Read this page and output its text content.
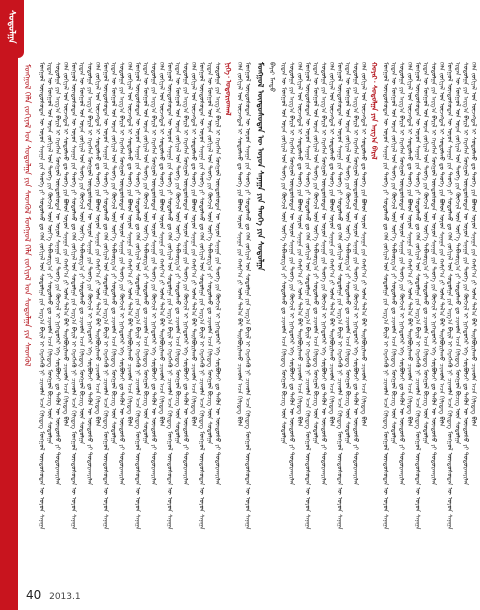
ᠰᠤᠳᠤᠯᠭᠠ
ᠮᠣᠩᠭᠣᠯ ᠬᠡᠯᠡ ᠵᠣᠬᠢᠶᠠᠯ ᠤᠨ ᠰᠤᠳᠤᠯᠭᠠ ᠶᠢᠨ ᠰᠡᠳᠬᠦᠯ ᠮᠣᠩᠭᠣᠯ ᠬᠡᠯᠡ ᠵᠣᠬᠢᠶᠠᠯ ᠤᠨ ᠰᠤᠳᠤᠯᠭᠠ ᠶᠢᠨ ᠰᠡᠳᠬᠦᠯ ᠮᠣᠩᠭᠣᠯ ᠦᠨᠳᠦᠰᠦᠲᠡᠨ ᠦ ᠣᠶᠤᠨ ᠰᠠᠨᠠᠭᠠ ᠶᠢᠨ ᠲᠡᠦᠬᠡ ᠶᠢ ᠰᠤᠳᠤᠯᠬᠤ ᠳᠤ ᠬᠡᠯᠡ ᠵᠣᠬᠢᠶᠠᠯ ᠤᠨ ᠰᠤᠳᠤᠯᠭᠠ ᠶᠢᠨ ᠠᠷᠭ᠎ᠠ ᠪᠠᠷᠢᠯ ᠢ ᠬᠡᠷᠡᠭᠯᠡᠬᠦ ᠨᠢ ᠴᠢᠬᠤᠯᠠ ᠠᠴᠠ ᠬᠢᠯᠢᠳᠡᠭ ᠮᠣᠩᠭᠣᠯ ᠦᠨᠳᠦᠰᠦᠲᠡᠨ ᠦ ᠣᠶᠤᠨ ᠰᠠᠨᠠᠭᠠ ᠡᠷᠲᠡᠨ ᠦ ᠮᠣᠩᠭᠣᠯ ᠤᠨ ᠤᠷᠠᠨ ᠵᠣᠬᠢᠶᠠᠯ ᠤᠨ ᠲᠡᠦᠬᠡ ᠶᠢᠨ ᠬᠥᠭᠵᠢᠯ ᠦᠨ ᠦᠶ᠎ᠡ ᠳᠠᠪᠬᠤᠷᠭ᠎ᠠ ᠶᠢ ᠰᠤᠳᠤᠯᠬᠤ ᠳᠤ ᠴᠢᠬᠤᠯᠠ ᠠᠴᠠ ᠬᠢᠯᠢᠳᠡᠭ ᠮᠣᠩᠭᠣᠯ ᠪᠢᠴᠢᠭ ᠦᠨ ᠰᠤᠳᠤᠯᠭᠠ ᠰᠤᠳᠤᠯᠭᠠ ᠶᠢᠨ ᠠᠷᠭ᠎ᠠ ᠪᠠᠷᠢᠯ ᠢ ᠬᠡᠷᠡᠭᠯᠡᠨ ᠮᠣᠩᠭᠣᠯ ᠦᠨᠳᠦᠰᠦᠲᠡᠨ ᠦ ᠣᠶᠤᠨ ᠰᠠᠨᠠᠭᠠ ᠶᠢᠨ ᠲᠡᠦᠬᠡ ᠶᠢᠨ ᠬᠥᠭᠵᠢᠯ ᠢ ᠨᠢᠭᠡᠳᠦᠭᠡᠷ ᠡᠬᠡ ᠰᠤᠷᠪᠤᠯᠵᠢ ᠳᠤ ᠲᠡᠭᠦᠨ ᠦ ᠦᠨᠳᠦᠰᠦ ᠶᠢ ᠲᠣᠳᠤᠷᠬᠠᠶᠢᠯᠠᠨ ᠬᠡᠯᠡ ᠵᠣᠬᠢᠶᠠᠯ ᠤᠨ ᠦᠵᠡᠭᠳᠡᠯ ᠢ ᠰᠤᠳᠤᠯᠬᠤ ᠳᠤ ᠲᠡᠦᠬᠡ ᠶᠢᠨ ᠪᠣᠯᠤᠨ ᠣᠶᠤᠨ ᠰᠠᠨᠠᠭᠠ ᠶᠢᠨ ᠬᠠᠮᠢᠶ᠎ᠠ ᠶᠢ ᠣᠯᠠᠨ ᠲᠠᠯ᠎ᠠ ᠪᠠᠷ ᠲᠠᠢᠯᠪᠤᠷᠢᠯᠠᠬᠤ ᠴᠢᠬᠤᠯᠠ ᠠᠴᠠ ᠬᠢᠯᠢᠳᠡᠭ ᠪᠢᠯᠡ ᠮᠣᠩᠭᠣᠯ ᠦᠨᠳᠦᠰᠦᠲᠡᠨ ᠦ ᠣᠶᠤᠨ ᠰᠠᠨᠠᠭᠠ ᠶᠢᠨ ᠲᠡᠦᠬᠡ ᠶᠢ ᠰᠤᠳᠤᠯᠬᠤ ᠳᠤ ᠬᠡᠯᠡ ᠵᠣᠬᠢᠶᠠᠯ ᠤᠨ ᠰᠤᠳᠤᠯᠭᠠ ᠶᠢᠨ ᠠᠷᠭ᠎ᠠ ᠪᠠᠷᠢᠯ ᠢ ᠬᠡᠷᠡᠭᠯᠡᠬᠦ ᠨᠢ ᠴᠢᠬᠤᠯᠠ ᠠᠴᠠ ᠬᠢᠯᠢᠳᠡᠭ ᠮᠣᠩᠭᠣᠯ ᠦᠨᠳᠦᠰᠦᠲᠡᠨ ᠦ ᠣᠶᠤᠨ ᠰᠠᠨᠠᠭᠠ ᠡᠷᠲᠡᠨ ᠦ ᠮᠣᠩᠭᠣᠯ ᠤᠨ ᠤᠷᠠᠨ ᠵᠣᠬᠢᠶᠠᠯ ᠤᠨ ᠲᠡᠦᠬᠡ ᠶᠢᠨ ᠬᠥᠭᠵᠢᠯ ᠦᠨ ᠦᠶ᠎ᠡ ᠳᠠᠪᠬᠤᠷᠭ᠎ᠠ ᠶᠢ ᠰᠤᠳᠤᠯᠬᠤ ᠳᠤ ᠴᠢᠬᠤᠯᠠ ᠠᠴᠠ ᠬᠢᠯᠢᠳᠡᠭ ᠮᠣᠩᠭᠣᠯ ᠪᠢᠴᠢᠭ ᠦᠨ ᠰᠤᠳᠤᠯᠭᠠ ᠰᠤᠳᠤᠯᠭᠠ ᠶᠢᠨ ᠠᠷᠭ᠎ᠠ ᠪᠠᠷᠢᠯ ᠢ ᠬᠡᠷᠡᠭᠯᠡᠨ ᠮᠣᠩᠭᠣᠯ ᠦᠨᠳᠦᠰᠦᠲᠡᠨ ᠦ ᠣᠶᠤᠨ ᠰᠠᠨᠠᠭᠠ ᠶᠢᠨ ᠲᠡᠦᠬᠡ ᠶᠢᠨ ᠬᠥᠭᠵᠢᠯ ᠢ ᠨᠢᠭᠡᠳᠦᠭᠡᠷ ᠡᠬᠡ ᠰᠤᠷᠪᠤᠯᠵᠢ ᠳᠤ ᠲᠡᠭᠦᠨ ᠦ ᠦᠨᠳᠦᠰᠦ ᠶᠢ ᠲᠣᠳᠤᠷᠬᠠᠶᠢᠯᠠᠨ ᠬᠡᠯᠡ ᠵᠣᠬᠢᠶᠠᠯ ᠤᠨ ᠦᠵᠡᠭᠳᠡᠯ ᠢ ᠰᠤᠳᠤᠯᠬᠤ ᠳᠤ ᠲᠡᠦᠬᠡ ᠶᠢᠨ ᠪᠣᠯᠤᠨ ᠣᠶᠤᠨ ᠰᠠᠨᠠᠭᠠ ᠶᠢᠨ ᠬᠠᠮᠢᠶ᠎ᠠ ᠶᠢ ᠣᠯᠠᠨ ᠲᠠᠯ᠎ᠠ ᠪᠠᠷ ᠲᠠᠢᠯᠪᠤᠷᠢᠯᠠᠬᠤ ᠴᠢᠬᠤᠯᠠ ᠠᠴᠠ ᠬᠢᠯᠢᠳᠡᠭ ᠪᠢᠯᠡ ᠮᠣᠩᠭᠣᠯ ᠦᠨᠳᠦᠰᠦᠲᠡᠨ ᠦ ᠣᠶᠤᠨ ᠰᠠᠨᠠᠭᠠ ᠶᠢᠨ ᠲᠡᠦᠬᠡ ᠶᠢ ᠰᠤᠳᠤᠯᠬᠤ ᠳᠤ ᠬᠡᠯᠡ ᠵᠣᠬᠢᠶᠠᠯ ᠤᠨ ᠰᠤᠳᠤᠯᠭᠠ ᠶᠢᠨ ᠠᠷᠭ᠎ᠠ ᠪᠠᠷᠢᠯ ᠢ ᠬᠡᠷᠡᠭᠯᠡᠬᠦ ᠨᠢ ᠴᠢᠬᠤᠯᠠ ᠠᠴᠠ ᠬᠢᠯᠢᠳᠡᠭ ᠮᠣᠩᠭᠣᠯ ᠦᠨᠳᠦᠰᠦᠲᠡᠨ ᠦ ᠣᠶᠤᠨ ᠰᠠᠨᠠᠭᠠ ᠡᠷᠲᠡᠨ ᠦ ᠮᠣᠩᠭᠣᠯ ᠤᠨ ᠤᠷᠠᠨ ᠵᠣᠬᠢᠶᠠᠯ ᠤᠨ ᠲᠡᠦᠬᠡ ᠶᠢᠨ ᠬᠥᠭᠵᠢᠯ ᠦᠨ ᠦᠶ᠎ᠡ ᠳᠠᠪᠬᠤᠷᠭ᠎ᠠ ᠶᠢ ᠰᠤᠳᠤᠯᠬᠤ ᠳᠤ ᠴᠢᠬᠤᠯᠠ ᠠᠴᠠ ᠬᠢᠯᠢᠳᠡᠭ ᠮᠣᠩᠭᠣᠯ ᠪᠢᠴᠢᠭ ᠦᠨ ᠰᠤᠳᠤᠯᠭᠠ ᠰᠤᠳᠤᠯᠭᠠ ᠶᠢᠨ ᠠᠷᠭ᠎ᠠ ᠪᠠᠷᠢᠯ ᠢ ᠬᠡᠷᠡᠭᠯᠡᠨ ᠮᠣᠩᠭᠣᠯ ᠦᠨᠳᠦᠰᠦᠲᠡᠨ ᠦ ᠣᠶᠤᠨ ᠰᠠᠨᠠᠭᠠ ᠶᠢᠨ ᠲᠡᠦᠬᠡ ᠶᠢᠨ ᠬᠥᠭᠵᠢᠯ ᠢ ᠨᠢᠭᠡᠳᠦᠭᠡᠷ ᠡᠬᠡ ᠰᠤᠷᠪᠤᠯᠵᠢ ᠳᠤ ᠲᠡᠭᠦᠨ ᠦ ᠦᠨᠳᠦᠰᠦ ᠶᠢ ᠲᠣᠳᠤᠷᠬᠠᠶᠢᠯᠠᠨ ᠬᠡᠯᠡ ᠵᠣᠬᠢᠶᠠᠯ ᠤᠨ ᠦᠵᠡᠭᠳᠡᠯ ᠢ ᠰᠤᠳᠤᠯᠬᠤ ᠳᠤ ᠲᠡᠦᠬᠡ ᠶᠢᠨ ᠪᠣᠯᠤᠨ ᠣᠶᠤᠨ ᠰᠠᠨᠠᠭᠠ ᠶᠢᠨ ᠬᠠᠮᠢᠶ᠎ᠠ ᠶᠢ ᠣᠯᠠᠨ ᠲᠠᠯ᠎ᠠ ᠪᠠᠷ ᠲᠠᠢᠯᠪᠤᠷᠢᠯᠠᠬᠤ ᠴᠢᠬᠤᠯᠠ ᠠᠴᠠ ᠬᠢᠯᠢᠳᠡᠭ ᠪᠢᠯᠡ ᠮᠣᠩᠭᠣᠯ ᠦᠨᠳᠦᠰᠦᠲᠡᠨ ᠦ ᠣᠶᠤᠨ ᠰᠠᠨᠠᠭᠠ ᠶᠢᠨ ᠲᠡᠦᠬᠡ ᠶᠢ ᠰᠤᠳᠤᠯᠬᠤ ᠳᠤ ᠬᠡᠯᠡ ᠵᠣᠬᠢᠶᠠᠯ ᠤᠨ ᠰᠤᠳᠤᠯᠭᠠ ᠶᠢᠨ ᠠᠷᠭ᠎ᠠ ᠪᠠᠷᠢᠯ ᠢ ᠬᠡᠷᠡᠭᠯᠡᠬᠦ ᠨᠢ ᠴᠢᠬᠤᠯᠠ ᠠᠴᠠ ᠬᠢᠯᠢᠳᠡᠭ ᠮᠣᠩᠭᠣᠯ ᠦᠨᠳᠦᠰᠦᠲᠡᠨ ᠦ ᠣᠶᠤᠨ ᠰᠠᠨᠠᠭᠠ ᠡᠷᠲᠡᠨ ᠦ ᠮᠣᠩᠭᠣᠯ ᠤᠨ ᠤᠷᠠᠨ ᠵᠣᠬᠢᠶᠠᠯ ᠤᠨ ᠲᠡᠦᠬᠡ ᠶᠢᠨ ᠬᠥᠭᠵᠢᠯ ᠦᠨ ᠦᠶ᠎ᠡ ᠳᠠᠪᠬᠤᠷᠭ᠎ᠠ ᠶᠢ ᠰᠤᠳᠤᠯᠬᠤ ᠳᠤ ᠴᠢᠬᠤᠯᠠ ᠠᠴᠠ ᠬᠢᠯᠢᠳᠡᠭ ᠮᠣᠩᠭᠣᠯ ᠪᠢᠴᠢᠭ ᠦᠨ ᠰᠤᠳᠤᠯᠭᠠ ᠰᠤᠳᠤᠯᠭᠠ ᠶᠢᠨ ᠠᠷᠭ᠎ᠠ ᠪᠠᠷᠢᠯ ᠢ ᠬᠡᠷᠡᠭᠯᠡᠨ ᠮᠣᠩᠭᠣᠯ ᠦᠨᠳᠦᠰᠦᠲᠡᠨ ᠦ ᠣᠶᠤᠨ ᠰᠠᠨᠠᠭᠠ ᠶᠢᠨ ᠲᠡᠦᠬᠡ ᠶᠢᠨ ᠬᠥᠭᠵᠢᠯ ᠢ ᠨᠢᠭᠡᠳᠦᠭᠡᠷ ᠡᠬᠡ ᠰᠤᠷᠪᠤᠯᠵᠢ ᠳᠤ ᠲᠡᠭᠦᠨ ᠦ ᠦᠨᠳᠦᠰᠦ ᠶᠢ ᠲᠣᠳᠤᠷᠬᠠᠶᠢᠯᠠᠨ ᠬᠡᠯᠡ ᠵᠣᠬᠢᠶᠠᠯ ᠤᠨ ᠦᠵᠡᠭᠳᠡᠯ ᠢ ᠰᠤᠳᠤᠯᠬᠤ ᠳᠤ ᠲᠡᠦᠬᠡ ᠶᠢᠨ ᠪᠣᠯᠤᠨ ᠣᠶᠤᠨ ᠰᠠᠨᠠᠭᠠ ᠶᠢᠨ ᠬᠠᠮᠢᠶ᠎ᠠ ᠶᠢ ᠣᠯᠠᠨ ᠲᠠᠯ᠎ᠠ ᠪᠠᠷ ᠲᠠᠢᠯᠪᠤᠷᠢᠯᠠᠬᠤ ᠴᠢᠬᠤᠯᠠ ᠠᠴᠠ ᠬᠢᠯᠢᠳᠡᠭ ᠪᠢᠯᠡ ᠮᠣᠩᠭᠣᠯ ᠦᠨᠳᠦᠰᠦᠲᠡᠨ ᠦ ᠣᠶᠤᠨ ᠰᠠᠨᠠᠭᠠ ᠶᠢᠨ ᠲᠡᠦᠬᠡ ᠶᠢ ᠰᠤᠳᠤᠯᠬᠤ ᠳᠤ ᠬᠡᠯᠡ ᠵᠣᠬᠢᠶᠠᠯ ᠤᠨ ᠰᠤᠳᠤᠯᠭᠠ ᠶᠢᠨ ᠠᠷᠭ᠎ᠠ ᠪᠠᠷᠢᠯ ᠢ ᠬᠡᠷᠡᠭᠯᠡᠬᠦ ᠨᠢ ᠴᠢᠬᠤᠯᠠ ᠠᠴᠠ ᠬᠢᠯᠢᠳᠡᠭ ᠮᠣᠩᠭᠣᠯ ᠦᠨᠳᠦᠰᠦᠲᠡᠨ ᠦ ᠣᠶᠤᠨ ᠰᠠᠨᠠᠭᠠ ᠡᠷᠲᠡᠨ ᠦ ᠮᠣᠩᠭᠣᠯ ᠤᠨ ᠤᠷᠠᠨ ᠵᠣᠬᠢᠶᠠᠯ ᠤᠨ ᠲᠡᠦᠬᠡ ᠶᠢᠨ ᠬᠥᠭᠵᠢᠯ ᠦᠨ ᠦᠶ᠎ᠡ ᠳᠠᠪᠬᠤᠷᠭ᠎ᠠ ᠶᠢ ᠰᠤᠳᠤᠯᠬᠤ ᠳᠤ ᠴᠢᠬᠤᠯᠠ ᠠᠴᠠ ᠬᠢᠯᠢᠳᠡᠭ ᠮᠣᠩᠭᠣᠯ ᠪᠢᠴᠢᠭ ᠦᠨ ᠰᠤᠳᠤᠯᠭᠠ ᠰᠤᠳᠤᠯᠭᠠ ᠶᠢᠨ ᠠᠷᠭ᠎ᠠ ᠪᠠᠷᠢᠯ ᠢ ᠬᠡᠷᠡᠭᠯᠡᠨ ᠮᠣᠩᠭᠣᠯ ᠦᠨᠳᠦᠰᠦᠲᠡᠨ ᠦ ᠣᠶᠤᠨ ᠰᠠᠨᠠᠭᠠ ᠶᠢᠨ ᠲᠡᠦᠬᠡ ᠶᠢᠨ ᠬᠥᠭᠵᠢᠯ ᠢ ᠨᠢᠭᠡᠳᠦᠭᠡᠷ ᠡᠬᠡ ᠰᠤᠷᠪᠤᠯᠵᠢ ᠳᠤ ᠲᠡᠭᠦᠨ ᠦ ᠦᠨᠳᠦᠰᠦ ᠶᠢ ᠲᠣᠳᠤᠷᠬᠠᠶᠢᠯᠠᠨ ᠬᠡᠯᠡ ᠵᠣᠬᠢᠶᠠᠯ ᠤᠨ ᠦᠵᠡᠭᠳᠡᠯ ᠢ ᠰᠤᠳᠤᠯᠬᠤ ᠳᠤ ᠲᠡᠦᠬᠡ ᠶᠢᠨ ᠪᠣᠯᠤᠨ ᠣᠶᠤᠨ ᠰᠠᠨᠠᠭᠠ ᠶᠢᠨ ᠬᠠᠮᠢᠶ᠎ᠠ ᠶᠢ ᠣᠯᠠᠨ ᠲᠠᠯ᠎ᠠ ᠪᠠᠷ ᠲᠠᠢᠯᠪᠤᠷᠢᠯᠠᠬᠤ ᠴᠢᠬᠤᠯᠠ ᠠᠴᠠ ᠬᠢᠯᠢᠳᠡᠭ ᠪᠢᠯᠡ ᠮᠣᠩᠭᠣᠯ ᠦᠨᠳᠦᠰᠦᠲᠡᠨ ᠦ ᠣᠶᠤᠨ ᠰᠠᠨᠠᠭᠠ ᠶᠢᠨ ᠲᠡᠦᠬᠡ ᠶᠢ ᠰᠤᠳᠤᠯᠬᠤ ᠳᠤ ᠬᠡᠯᠡ ᠵᠣᠬᠢᠶᠠᠯ ᠤᠨ ᠰᠤᠳᠤᠯᠭᠠ ᠶᠢᠨ ᠠᠷᠭ᠎ᠠ ᠪᠠᠷᠢᠯ ᠢ ᠬᠡᠷᠡᠭᠯᠡᠬᠦ ᠨᠢ ᠴᠢᠬᠤᠯᠠ ᠠᠴᠠ ᠬᠢᠯᠢᠳᠡᠭ ᠮᠣᠩᠭᠣᠯ ᠦᠨᠳᠦᠰᠦᠲᠡᠨ ᠦ ᠣᠶᠤᠨ ᠰᠠᠨᠠᠭᠠ ᠡᠷᠲᠡᠨ ᠦ ᠮᠣᠩᠭᠣᠯ ᠤᠨ ᠤᠷᠠᠨ ᠵᠣᠬᠢᠶᠠᠯ ᠤᠨ ᠲᠡᠦᠬᠡ ᠶᠢᠨ ᠬᠥᠭᠵᠢᠯ ᠦᠨ ᠦᠶ᠎ᠡ ᠳᠠᠪᠬᠤᠷᠭ᠎ᠠ ᠶᠢ ᠰᠤᠳᠤᠯᠬᠤ ᠳᠤ ᠴᠢᠬᠤᠯᠠ ᠠᠴᠠ ᠬᠢᠯᠢᠳᠡᠭ ᠮᠣᠩᠭᠣᠯ ᠪᠢᠴᠢᠭ ᠦᠨ ᠰᠤᠳᠤᠯᠭᠠ ᠰᠤᠳᠤᠯᠭᠠ ᠶᠢᠨ ᠠᠷᠭ᠎ᠠ ᠪᠠᠷᠢᠯ ᠢ ᠬᠡᠷᠡᠭᠯᠡᠨ ᠮᠣᠩᠭᠣᠯ ᠦᠨᠳᠦᠰᠦᠲᠡᠨ ᠦ ᠣᠶᠤᠨ ᠰᠠᠨᠠᠭᠠ ᠶᠢᠨ ᠲᠡᠦᠬᠡ ᠶᠢᠨ ᠬᠥᠭᠵᠢᠯ ᠢ ᠨᠢᠭᠡᠳᠦᠭᠡᠷ ᠡᠬᠡ ᠰᠤᠷᠪᠤᠯᠵᠢ ᠳᠤ ᠲᠡᠭᠦᠨ ᠦ ᠦᠨᠳᠦᠰᠦ ᠶᠢ ᠲᠣᠳᠤᠷᠬᠠᠶᠢᠯᠠᠨ ᠨᠢᠭᠡ᠂ ᠤᠳᠤᠷᠢᠳᠬᠠᠯ ᠬᠡᠯᠡ ᠵᠣᠬᠢᠶᠠᠯ ᠤᠨ ᠦᠵᠡᠭᠳᠡᠯ ᠢ ᠰᠤᠳᠤᠯᠬᠤ ᠳᠤ ᠲᠡᠦᠬᠡ ᠶᠢᠨ ᠪᠣᠯᠤᠨ ᠣᠶᠤᠨ ᠰᠠᠨᠠᠭᠠ ᠶᠢᠨ ᠬᠠᠮᠢᠶ᠎ᠠ ᠶᠢ ᠣᠯᠠᠨ ᠲᠠᠯ᠎ᠠ ᠪᠠᠷ ᠲᠠᠢᠯᠪᠤᠷᠢᠯᠠᠬᠤ ᠴᠢᠬᠤᠯᠠ ᠠᠴᠠ ᠬᠢᠯᠢᠳᠡᠭ ᠪᠢᠯᠡ ᠮᠣᠩᠭᠣᠯ ᠦᠨᠳᠦᠰᠦᠲᠡᠨ ᠦ ᠣᠶᠤᠨ ᠰᠠᠨᠠᠭᠠ ᠶᠢᠨ ᠲᠡᠦᠬᠡ ᠶᠢ ᠰᠤᠳᠤᠯᠬᠤ ᠳᠤ ᠬᠡᠯᠡ ᠵᠣᠬᠢᠶᠠᠯ ᠤᠨ ᠰᠤᠳᠤᠯᠭᠠ ᠶᠢᠨ ᠠᠷᠭ᠎ᠠ ᠪᠠᠷᠢᠯ ᠢ ᠬᠡᠷᠡᠭᠯᠡᠬᠦ ᠨᠢ ᠴᠢᠬᠤᠯᠠ ᠠᠴᠠ ᠬᠢᠯᠢᠳᠡᠭ ᠮᠣᠩᠭᠣᠯ ᠦᠨᠳᠦᠰᠦᠲᠡᠨ ᠦ ᠣᠶᠤᠨ ᠰᠠᠨᠠᠭᠠ ᠮᠣᠩᠭᠣᠯ ᠦᠨᠳᠦᠰᠦᠲᠡᠨ ᠦ ᠣᠶᠤᠨ ᠰᠠᠨᠠᠭᠠ ᠶᠢᠨ ᠲᠡᠦᠬᠡ ᠶᠢᠨ ᠰᠤᠳᠤᠯᠭᠠ ᠪᠠᠶᠠᠷ ᠮᠡᠨᠳᠦ ᠡᠷᠲᠡᠨ ᠦ ᠮᠣᠩᠭᠣᠯ ᠤᠨ ᠤᠷᠠᠨ ᠵᠣᠬᠢᠶᠠᠯ ᠤᠨ ᠲᠡᠦᠬᠡ ᠶᠢᠨ ᠬᠥᠭᠵᠢᠯ ᠦᠨ ᠦᠶ᠎ᠡ ᠳᠠᠪᠬᠤᠷᠭ᠎ᠠ ᠶᠢ ᠰᠤᠳᠤᠯᠬᠤ ᠳᠤ ᠴᠢᠬᠤᠯᠠ ᠠᠴᠠ ᠬᠢᠯᠢᠳᠡᠭ ᠮᠣᠩᠭᠣᠯ ᠪᠢᠴᠢᠭ ᠦᠨ ᠰᠤᠳᠤᠯᠭᠠ ᠰᠤᠳᠤᠯᠭᠠ ᠶᠢᠨ ᠠᠷᠭ᠎ᠠ ᠪᠠᠷᠢᠯ ᠢ ᠬᠡᠷᠡᠭᠯᠡᠨ ᠮᠣᠩᠭᠣᠯ ᠦᠨᠳᠦᠰᠦᠲᠡᠨ ᠦ ᠣᠶᠤᠨ ᠰᠠᠨᠠᠭᠠ ᠶᠢᠨ ᠲᠡᠦᠬᠡ ᠶᠢᠨ ᠬᠥᠭᠵᠢᠯ ᠢ ᠨᠢᠭᠡᠳᠦᠭᠡᠷ ᠡᠬᠡ ᠰᠤᠷᠪᠤᠯᠵᠢ ᠳᠤ ᠲᠡᠭᠦᠨ ᠦ ᠦᠨᠳᠦᠰᠦ ᠶᠢ ᠲᠣᠳᠤᠷᠬᠠᠶᠢᠯᠠᠨ ᠬᠡᠯᠡ ᠵᠣᠬᠢᠶᠠᠯ ᠤᠨ ᠦᠵᠡᠭᠳᠡᠯ ᠢ ᠰᠤᠳᠤᠯᠬᠤ ᠳᠤ ᠲᠡᠦᠬᠡ ᠶᠢᠨ ᠪᠣᠯᠤᠨ ᠣᠶᠤᠨ ᠰᠠᠨᠠᠭᠠ ᠶᠢᠨ ᠬᠠᠮᠢᠶ᠎ᠠ ᠶᠢ ᠣᠯᠠᠨ ᠲᠠᠯ᠎ᠠ ᠪᠠᠷ ᠲᠠᠢᠯᠪᠤᠷᠢᠯᠠᠬᠤ ᠴᠢᠬᠤᠯᠠ ᠠᠴᠠ ᠬᠢᠯᠢᠳᠡᠭ ᠪᠢᠯᠡ ᠮᠣᠩᠭᠣᠯ ᠦᠨᠳᠦᠰᠦᠲᠡᠨ ᠦ ᠣᠶᠤᠨ ᠰᠠᠨᠠᠭᠠ ᠶᠢᠨ ᠲᠡᠦᠬᠡ ᠶᠢ ᠰᠤᠳᠤᠯᠬᠤ ᠳᠤ ᠬᠡᠯᠡ ᠵᠣᠬᠢᠶᠠᠯ ᠤᠨ ᠰᠤᠳᠤᠯᠭᠠ ᠶᠢᠨ ᠠᠷᠭ᠎ᠠ ᠪᠠᠷᠢᠯ ᠢ ᠬᠡᠷᠡᠭᠯᠡᠬᠦ ᠨᠢ ᠴᠢᠬᠤᠯᠠ ᠠᠴᠠ ᠬᠢᠯᠢᠳᠡᠭ ᠮᠣᠩᠭᠣᠯ ᠦᠨᠳᠦᠰᠦᠲᠡᠨ ᠦ ᠣᠶᠤᠨ ᠰᠠᠨᠠᠭᠠ ᠡᠷᠲᠡᠨ ᠦ ᠮᠣᠩᠭᠣᠯ ᠤᠨ ᠤᠷᠠᠨ ᠵᠣᠬᠢᠶᠠᠯ ᠤᠨ ᠲᠡᠦᠬᠡ ᠶᠢᠨ ᠬᠥᠭᠵᠢᠯ ᠦᠨ ᠦᠶ᠎ᠡ ᠳᠠᠪᠬᠤᠷᠭ᠎ᠠ ᠶᠢ ᠰᠤᠳᠤᠯᠬᠤ ᠳᠤ ᠴᠢᠬᠤᠯᠠ ᠠᠴᠠ ᠬᠢᠯᠢᠳᠡᠭ ᠮᠣᠩᠭᠣᠯ ᠪᠢᠴᠢᠭ ᠦᠨ ᠰᠤᠳᠤᠯᠭᠠ ᠰᠤᠳᠤᠯᠭᠠ ᠶᠢᠨ ᠠᠷᠭ᠎ᠠ ᠪᠠᠷᠢᠯ ᠢ ᠬᠡᠷᠡᠭᠯᠡᠨ ᠮᠣᠩᠭᠣᠯ ᠦᠨᠳᠦᠰᠦᠲᠡᠨ ᠦ ᠣᠶᠤᠨ ᠰᠠᠨᠠᠭᠠ ᠶᠢᠨ ᠲᠡᠦᠬᠡ ᠶᠢᠨ ᠬᠥᠭᠵᠢᠯ ᠢ ᠨᠢᠭᠡᠳᠦᠭᠡᠷ ᠡᠬᠡ ᠰᠤᠷᠪᠤᠯᠵᠢ ᠳᠤ ᠲᠡᠭᠦᠨ ᠦ ᠦᠨᠳᠦᠰᠦ ᠶᠢ ᠲᠣᠳᠤᠷᠬᠠᠶᠢᠯᠠᠨ ᠬᠡᠯᠡ ᠵᠣᠬᠢᠶᠠᠯ ᠤᠨ ᠦᠵᠡᠭᠳᠡᠯ ᠢ ᠰᠤᠳᠤᠯᠬᠤ ᠳᠤ ᠲᠡᠦᠬᠡ ᠶᠢᠨ ᠪᠣᠯᠤᠨ ᠣᠶᠤᠨ ᠰᠠᠨᠠᠭᠠ ᠶᠢᠨ ᠬᠠᠮᠢᠶ᠎ᠠ ᠶᠢ ᠣᠯᠠᠨ ᠲᠠᠯ᠎ᠠ ᠪᠠᠷ ᠲᠠᠢᠯᠪᠤᠷᠢᠯᠠᠬᠤ ᠴᠢᠬᠤᠯᠠ ᠠᠴᠠ ᠬᠢᠯᠢᠳᠡᠭ ᠪᠢᠯᠡ ᠮᠣᠩᠭᠣᠯ ᠦᠨᠳᠦᠰᠦᠲᠡᠨ ᠦ ᠣᠶᠤᠨ ᠰᠠᠨᠠᠭᠠ ᠶᠢᠨ ᠲᠡᠦᠬᠡ ᠶᠢ ᠰᠤᠳᠤᠯᠬᠤ ᠳᠤ ᠬᠡᠯᠡ ᠵᠣᠬᠢᠶᠠᠯ ᠤᠨ ᠰᠤᠳᠤᠯᠭᠠ ᠶᠢᠨ ᠠᠷᠭ᠎ᠠ ᠪᠠᠷᠢᠯ ᠢ ᠬᠡᠷᠡᠭᠯᠡᠬᠦ ᠨᠢ ᠴᠢᠬᠤᠯᠠ ᠠᠴᠠ ᠬᠢᠯᠢᠳᠡᠭ ᠮᠣᠩᠭᠣᠯ ᠦᠨᠳᠦᠰᠦᠲᠡᠨ ᠦ ᠣᠶᠤᠨ ᠰᠠᠨᠠᠭᠠ ᠡᠷᠲᠡᠨ ᠦ ᠮᠣᠩᠭᠣᠯ ᠤᠨ ᠤᠷᠠᠨ ᠵᠣᠬᠢᠶᠠᠯ ᠤᠨ ᠲᠡᠦᠬᠡ ᠶᠢᠨ ᠬᠥᠭᠵᠢᠯ ᠦᠨ ᠦᠶ᠎ᠡ ᠳᠠᠪᠬᠤᠷᠭ᠎ᠠ ᠶᠢ ᠰᠤᠳᠤᠯᠬᠤ ᠳᠤ ᠴᠢᠬᠤᠯᠠ ᠠᠴᠠ ᠬᠢᠯᠢᠳᠡᠭ ᠮᠣᠩᠭᠣᠯ ᠪᠢᠴᠢᠭ ᠦᠨ ᠰᠤᠳᠤᠯᠭᠠ ᠰᠤᠳᠤᠯᠭᠠ ᠶᠢᠨ ᠠᠷᠭ᠎ᠠ ᠪᠠᠷᠢᠯ ᠢ ᠬᠡᠷᠡᠭᠯᠡᠨ ᠮᠣᠩᠭᠣᠯ ᠦᠨᠳᠦᠰᠦᠲᠡᠨ ᠦ ᠣᠶᠤᠨ ᠰᠠᠨᠠᠭᠠ ᠶᠢᠨ ᠲᠡᠦᠬᠡ ᠶᠢᠨ ᠬᠥᠭᠵᠢᠯ ᠢ ᠨᠢᠭᠡᠳᠦᠭᠡᠷ ᠡᠬᠡ ᠰᠤᠷᠪᠤᠯᠵᠢ ᠳᠤ ᠲᠡᠭᠦᠨ ᠦ ᠦᠨᠳᠦᠰᠦ ᠶᠢ ᠲᠣᠳᠤᠷᠬᠠᠶᠢᠯᠠᠨ ᠬᠡᠯᠡ ᠵᠣᠬᠢᠶᠠᠯ ᠤᠨ ᠦᠵᠡᠭᠳᠡᠯ ᠢ ᠰᠤᠳᠤᠯᠬᠤ ᠳᠤ ᠲᠡᠦᠬᠡ ᠶᠢᠨ ᠪᠣᠯᠤᠨ ᠣᠶᠤᠨ ᠰᠠᠨᠠᠭᠠ ᠶᠢᠨ ᠬᠠᠮᠢᠶ᠎ᠠ ᠶᠢ ᠣᠯᠠᠨ ᠲᠠᠯ᠎ᠠ ᠪᠠᠷ ᠲᠠᠢᠯᠪᠤᠷᠢᠯᠠᠬᠤ ᠴᠢᠬᠤᠯᠠ ᠠᠴᠠ ᠬᠢᠯᠢᠳᠡᠭ ᠪᠢᠯᠡ ᠬᠣᠶᠠᠷ᠂ ᠰᠤᠳᠤᠯᠭᠠ ᠶᠢᠨ ᠠᠷᠭ᠎ᠠ ᠪᠠᠷᠢᠯ ᠮᠣᠩᠭᠣᠯ ᠦᠨᠳᠦᠰᠦᠲᠡᠨ ᠦ ᠣᠶᠤᠨ ᠰᠠᠨᠠᠭᠠ ᠶᠢᠨ ᠲᠡᠦᠬᠡ ᠶᠢ ᠰᠤᠳᠤᠯᠬᠤ ᠳᠤ ᠬᠡᠯᠡ ᠵᠣᠬᠢᠶᠠᠯ ᠤᠨ ᠰᠤᠳᠤᠯᠭᠠ ᠶᠢᠨ ᠠᠷᠭ᠎ᠠ ᠪᠠᠷᠢᠯ ᠢ ᠬᠡᠷᠡᠭᠯᠡᠬᠦ ᠨᠢ ᠴᠢᠬᠤᠯᠠ ᠠᠴᠠ ᠬᠢᠯᠢᠳᠡᠭ ᠮᠣᠩᠭᠣᠯ ᠦᠨᠳᠦᠰᠦᠲᠡᠨ ᠦ ᠣᠶᠤᠨ ᠰᠠᠨᠠᠭᠠ ᠡᠷᠲᠡᠨ ᠦ ᠮᠣᠩᠭᠣᠯ ᠤᠨ ᠤᠷᠠᠨ ᠵᠣᠬᠢᠶᠠᠯ ᠤᠨ ᠲᠡᠦᠬᠡ ᠶᠢᠨ ᠬᠥᠭᠵᠢᠯ ᠦᠨ ᠦᠶ᠎ᠡ ᠳᠠᠪᠬᠤᠷᠭ᠎ᠠ ᠶᠢ ᠰᠤᠳᠤᠯᠬᠤ ᠳᠤ ᠴᠢᠬᠤᠯᠠ ᠠᠴᠠ ᠬᠢᠯᠢᠳᠡᠭ ᠮᠣᠩᠭᠣᠯ ᠪᠢᠴᠢᠭ ᠦᠨ ᠰᠤᠳᠤᠯᠭᠠ ᠰᠤᠳᠤᠯᠭᠠ ᠶᠢᠨ ᠠᠷᠭ᠎ᠠ ᠪᠠᠷᠢᠯ ᠢ ᠬᠡᠷᠡᠭᠯᠡᠨ ᠮᠣᠩᠭᠣᠯ ᠦᠨᠳᠦᠰᠦᠲᠡᠨ ᠦ ᠣᠶᠤᠨ ᠰᠠᠨᠠᠭᠠ ᠶᠢᠨ ᠲᠡᠦᠬᠡ ᠶᠢᠨ ᠬᠥᠭᠵᠢᠯ ᠢ ᠨᠢᠭᠡᠳᠦᠭᠡᠷ ᠡᠬᠡ ᠰᠤᠷᠪᠤᠯᠵᠢ ᠳᠤ ᠲᠡᠭᠦᠨ ᠦ ᠦᠨᠳᠦᠰᠦ ᠶᠢ ᠲᠣᠳᠤᠷᠬᠠᠶᠢᠯᠠᠨ ᠬᠡᠯᠡ ᠵᠣᠬᠢᠶᠠᠯ ᠤᠨ ᠦᠵᠡᠭᠳᠡᠯ ᠢ ᠰᠤᠳᠤᠯᠬᠤ ᠳᠤ ᠲᠡᠦᠬᠡ ᠶᠢᠨ ᠪᠣᠯᠤᠨ ᠣᠶᠤᠨ ᠰᠠᠨᠠᠭᠠ ᠶᠢᠨ ᠬᠠᠮᠢᠶ᠎ᠠ ᠶᠢ ᠣᠯᠠᠨ ᠲᠠᠯ᠎ᠠ ᠪᠠᠷ ᠲᠠᠢᠯᠪᠤᠷᠢᠯᠠᠬᠤ ᠴᠢᠬᠤᠯᠠ ᠠᠴᠠ ᠬᠢᠯᠢᠳᠡᠭ ᠪᠢᠯᠡ ᠮᠣᠩᠭᠣᠯ ᠦᠨᠳᠦᠰᠦᠲᠡᠨ ᠦ ᠣᠶᠤᠨ ᠰᠠᠨᠠᠭᠠ ᠶᠢᠨ ᠲᠡᠦᠬᠡ ᠶᠢ ᠰᠤᠳᠤᠯᠬᠤ ᠳᠤ ᠬᠡᠯᠡ ᠵᠣᠬᠢᠶᠠᠯ ᠤᠨ ᠰᠤᠳᠤᠯᠭᠠ ᠶᠢᠨ ᠠᠷᠭ᠎ᠠ ᠪᠠᠷᠢᠯ ᠢ ᠬᠡᠷᠡᠭᠯᠡᠬᠦ ᠨᠢ ᠴᠢᠬᠤᠯᠠ ᠠᠴᠠ ᠬᠢᠯᠢᠳᠡᠭ ᠮᠣᠩᠭᠣᠯ ᠦᠨᠳᠦᠰᠦᠲᠡᠨ ᠦ ᠣᠶᠤᠨ ᠰᠠᠨᠠᠭᠠ ᠡᠷᠲᠡᠨ ᠦ ᠮᠣᠩᠭᠣᠯ ᠤᠨ ᠤᠷᠠᠨ ᠵᠣᠬᠢᠶᠠᠯ ᠤᠨ ᠲᠡᠦᠬᠡ ᠶᠢᠨ ᠬᠥᠭᠵᠢᠯ ᠦᠨ ᠦᠶ᠎ᠡ ᠳᠠᠪᠬᠤᠷᠭ᠎ᠠ ᠶᠢ ᠰᠤᠳᠤᠯᠬᠤ ᠳᠤ ᠴᠢᠬᠤᠯᠠ ᠠᠴᠠ ᠬᠢᠯᠢᠳᠡᠭ ᠮᠣᠩᠭᠣᠯ ᠪᠢᠴᠢᠭ ᠦᠨ ᠰᠤᠳᠤᠯᠭᠠ ᠰᠤᠳᠤᠯᠭᠠ ᠶᠢᠨ ᠠᠷᠭ᠎ᠠ ᠪᠠᠷᠢᠯ ᠢ ᠬᠡᠷᠡᠭᠯᠡᠨ ᠮᠣᠩᠭᠣᠯ ᠦᠨᠳᠦᠰᠦᠲᠡᠨ ᠦ ᠣᠶᠤᠨ ᠰᠠᠨᠠᠭᠠ ᠶᠢᠨ ᠲᠡᠦᠬᠡ ᠶᠢᠨ ᠬᠥᠭᠵᠢᠯ ᠢ ᠨᠢᠭᠡᠳᠦᠭᠡᠷ ᠡᠬᠡ ᠰᠤᠷᠪᠤᠯᠵᠢ ᠳᠤ ᠲᠡᠭᠦᠨ ᠦ ᠦᠨᠳᠦᠰᠦ ᠶᠢ ᠲᠣᠳᠤᠷᠬᠠᠶᠢᠯᠠᠨ ᠬᠡᠯᠡ ᠵᠣᠬᠢᠶᠠᠯ ᠤᠨ ᠦᠵᠡᠭᠳᠡᠯ ᠢ ᠰᠤᠳᠤᠯᠬᠤ ᠳᠤ ᠲᠡᠦᠬᠡ ᠶᠢᠨ ᠪᠣᠯᠤᠨ ᠣᠶᠤᠨ ᠰᠠᠨᠠᠭᠠ ᠶᠢᠨ ᠬᠠᠮᠢᠶ᠎ᠠ ᠶᠢ ᠣᠯᠠᠨ ᠲᠠᠯ᠎ᠠ ᠪᠠᠷ ᠲᠠᠢᠯᠪᠤᠷᠢᠯᠠᠬᠤ ᠴᠢᠬᠤᠯᠠ ᠠᠴᠠ ᠬᠢᠯᠢᠳᠡᠭ ᠪᠢᠯᠡ ᠮᠣᠩᠭᠣᠯ ᠦᠨᠳᠦᠰᠦᠲᠡᠨ ᠦ ᠣᠶᠤᠨ ᠰᠠᠨᠠᠭᠠ ᠶᠢᠨ ᠲᠡᠦᠬᠡ ᠶᠢ ᠰᠤᠳᠤᠯᠬᠤ ᠳᠤ ᠬᠡᠯᠡ ᠵᠣᠬᠢᠶᠠᠯ ᠤᠨ ᠰᠤᠳᠤᠯᠭᠠ ᠶᠢᠨ ᠠᠷᠭ᠎ᠠ ᠪᠠᠷᠢᠯ ᠢ ᠬᠡᠷᠡᠭᠯᠡᠬᠦ ᠨᠢ ᠴᠢᠬᠤᠯᠠ ᠠᠴᠠ ᠬᠢᠯᠢᠳᠡᠭ ᠮᠣᠩᠭᠣᠯ ᠦᠨᠳᠦᠰᠦᠲᠡᠨ ᠦ ᠣᠶᠤᠨ ᠰᠠᠨᠠᠭᠠ ᠡᠷᠲᠡᠨ ᠦ ᠮᠣᠩᠭᠣᠯ ᠤᠨ ᠤᠷᠠᠨ ᠵᠣᠬᠢᠶᠠᠯ ᠤᠨ ᠲᠡᠦᠬᠡ ᠶᠢᠨ ᠬᠥᠭᠵᠢᠯ ᠦᠨ ᠦᠶ᠎ᠡ ᠳᠠᠪᠬᠤᠷᠭ᠎ᠠ ᠶᠢ ᠰᠤᠳᠤᠯᠬᠤ ᠳᠤ ᠴᠢᠬᠤᠯᠠ ᠠᠴᠠ ᠬᠢᠯᠢᠳᠡᠭ ᠮᠣᠩᠭᠣᠯ ᠪᠢᠴᠢᠭ ᠦᠨ ᠰᠤᠳᠤᠯᠭᠠ ᠰᠤᠳᠤᠯᠭᠠ ᠶᠢᠨ ᠠᠷᠭ᠎ᠠ ᠪᠠᠷᠢᠯ ᠢ ᠬᠡᠷᠡᠭᠯᠡᠨ ᠮᠣᠩᠭᠣᠯ ᠦᠨᠳᠦᠰᠦᠲᠡᠨ ᠦ ᠣᠶᠤᠨ ᠰᠠᠨᠠᠭᠠ ᠶᠢᠨ ᠲᠡᠦᠬᠡ ᠶᠢᠨ ᠬᠥᠭᠵᠢᠯ ᠢ ᠨᠢᠭᠡᠳᠦᠭᠡᠷ ᠡᠬᠡ ᠰᠤᠷᠪᠤᠯᠵᠢ ᠳᠤ ᠲᠡᠭᠦᠨ ᠦ ᠦᠨᠳᠦᠰᠦ ᠶᠢ ᠲᠣᠳᠤᠷᠬᠠᠶᠢᠯᠠᠨ ᠬᠡᠯᠡ ᠵᠣᠬᠢᠶᠠᠯ ᠤᠨ ᠦᠵᠡᠭᠳᠡᠯ ᠢ ᠰᠤᠳᠤᠯᠬᠤ ᠳᠤ ᠲᠡᠦᠬᠡ ᠶᠢᠨ ᠪᠣᠯᠤᠨ ᠣᠶᠤᠨ ᠰᠠᠨᠠᠭᠠ ᠶᠢᠨ ᠬᠠᠮᠢᠶ᠎ᠠ ᠶᠢ ᠣᠯᠠᠨ ᠲᠠᠯ᠎ᠠ ᠪᠠᠷ ᠲᠠᠢᠯᠪᠤᠷᠢᠯᠠᠬᠤ ᠴᠢᠬᠤᠯᠠ ᠠᠴᠠ ᠬᠢᠯᠢᠳᠡᠭ ᠪᠢᠯᠡ
40 2013.1
